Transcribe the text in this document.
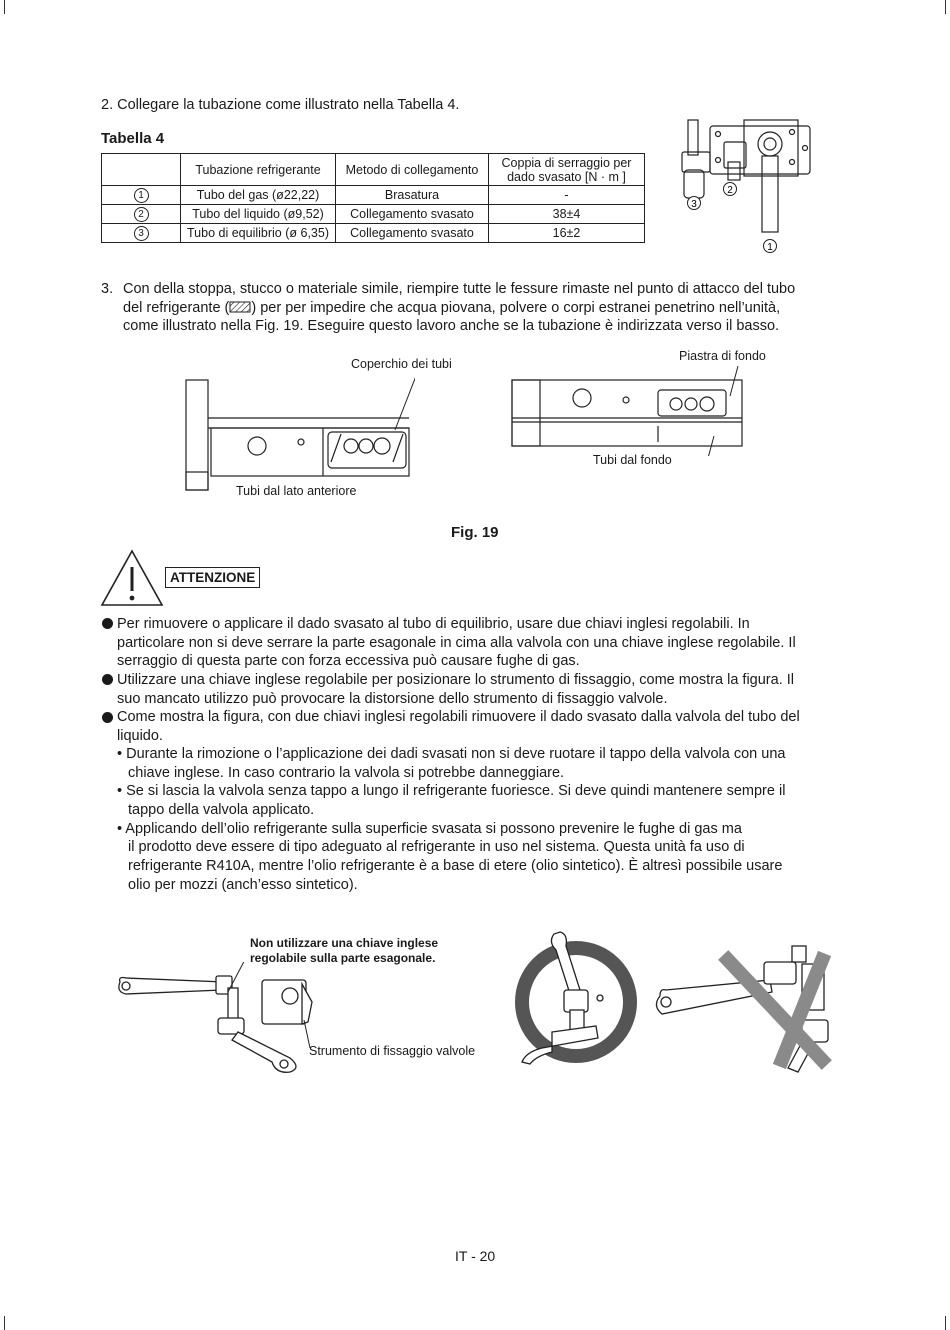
2. Collegare la tubazione come illustrato nella Tabella 4.
Tabella 4
	Tubazione refrigerante	Metodo di collegamento	Coppia di serraggio per
dado svasato [N · m ]
1	Tubo del gas (ø22,22)	Brasatura	-
2	Tubo del liquido (ø9,52)	Collegamento svasato	38±4
3	Tubo di equilibrio (ø 6,35)	Collegamento svasato	16±2
3
2
1
3. Con della stoppa, stucco o materiale simile, riempire tutte le fessure rimaste nel punto di attacco del tubo
del refrigerante ( ) per per impedire che acqua piovana, polvere o corpi estranei penetrino nell’unità,
come illustrato nella Fig. 19. Eseguire questo lavoro anche se la tubazione è indirizzata verso il basso.
Coperchio dei tubi
Tubi dal lato anteriore
Piastra di fondo
Tubi dal fondo
Fig. 19
ATTENZIONE
Per rimuovere o applicare il dado svasato al tubo di equilibrio, usare due chiavi inglesi regolabili. In
particolare non si deve serrare la parte esagonale in cima alla valvola con una chiave inglese regolabile. Il
serraggio di questa parte con forza eccessiva può causare fughe di gas.
Utilizzare una chiave inglese regolabile per posizionare lo strumento di fissaggio, come mostra la figura. Il
suo mancato utilizzo può provocare la distorsione dello strumento di fissaggio valvole.
Come mostra la figura, con due chiavi inglesi regolabili rimuovere il dado svasato dalla valvola del tubo del
liquido.
• Durante la rimozione o l’applicazione dei dadi svasati non si deve ruotare il tappo della valvola con una
chiave inglese. In caso contrario la valvola si potrebbe danneggiare.
• Se si lascia la valvola senza tappo a lungo il refrigerante fuoriesce. Si deve quindi mantenere sempre il
tappo della valvola applicato.
• Applicando dell’olio refrigerante sulla superficie svasata si possono prevenire le fughe di gas ma
il prodotto deve essere di tipo adeguato al refrigerante in uso nel sistema. Questa unità fa uso di
refrigerante R410A, mentre l’olio refrigerante è a base di etere (olio sintetico). È altresì possibile usare
olio per mozzi (anch’esso sintetico).
Non utilizzare una chiave inglese
regolabile sulla parte esagonale.
Strumento di fissaggio valvole
IT - 20
